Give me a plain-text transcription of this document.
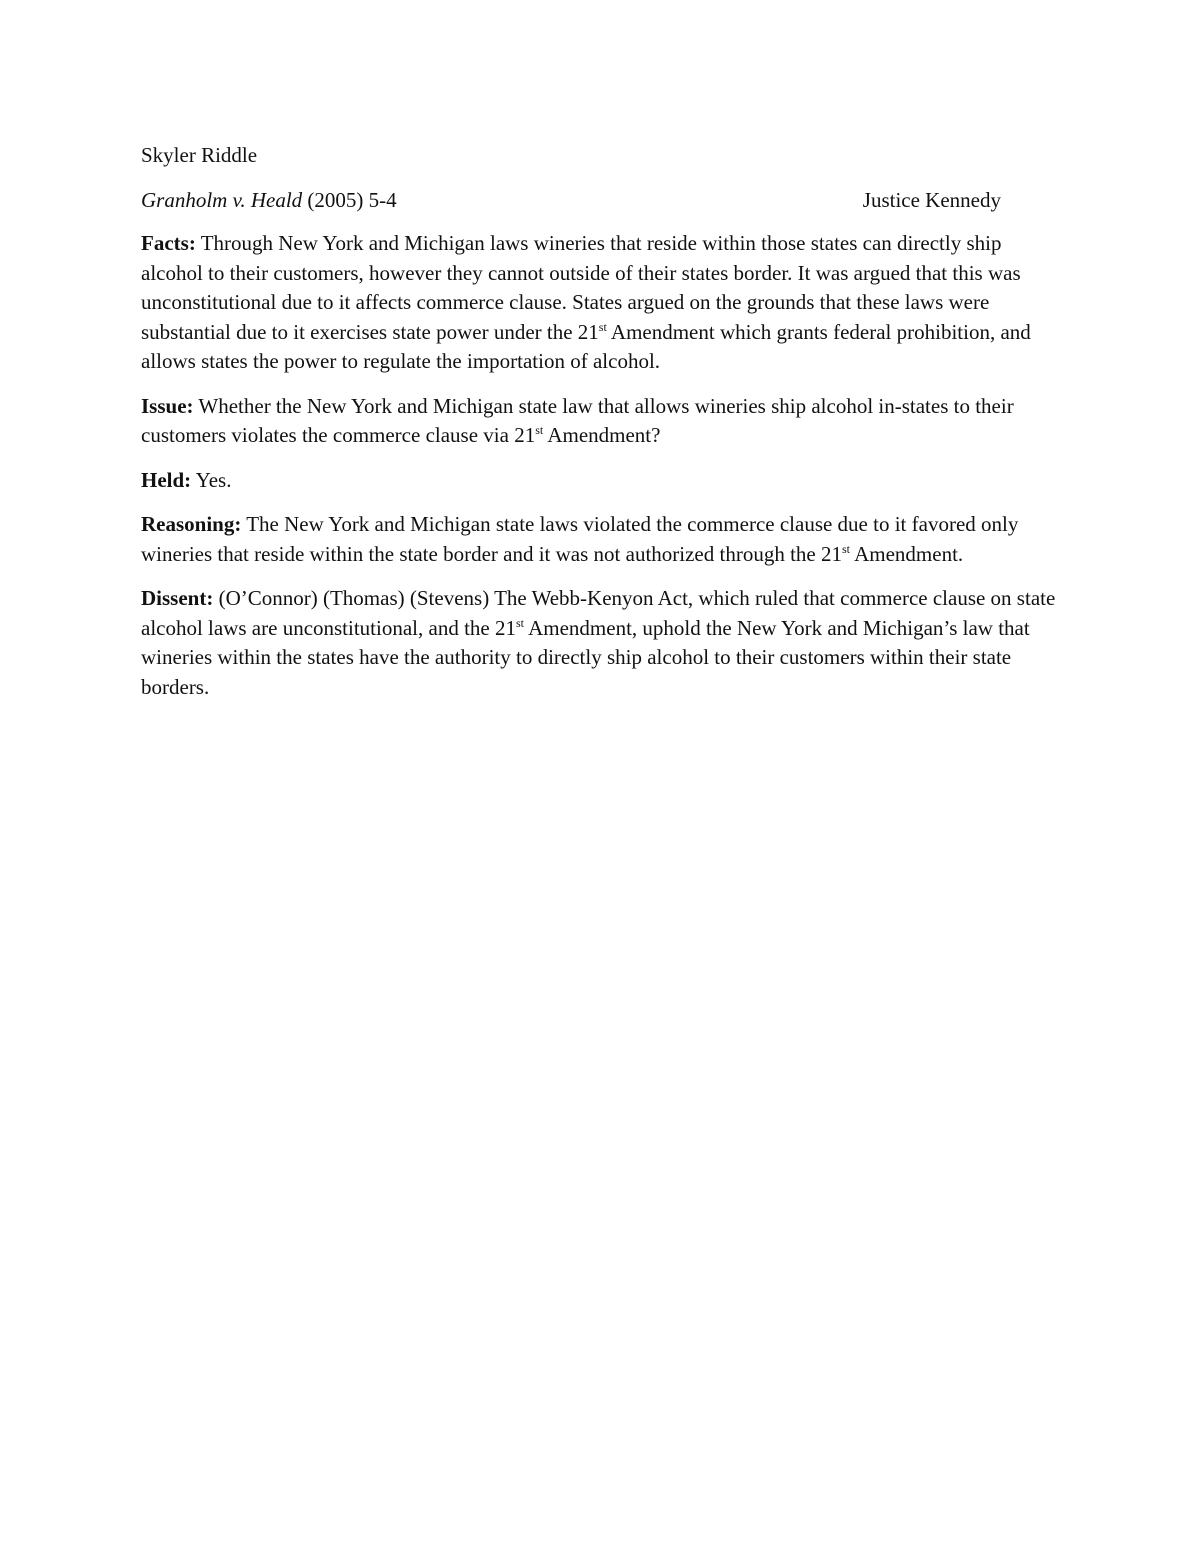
Skyler Riddle
Granholm v. Heald (2005) 5-4	Justice Kennedy

Facts: Through New York and Michigan laws wineries that reside within those states can directly ship alcohol to their customers, however they cannot outside of their states border. It was argued that this was unconstitutional due to it affects commerce clause. States argued on the grounds that these laws were substantial due to it exercises state power under the 21st Amendment which grants federal prohibition, and allows states the power to regulate the importation of alcohol.

Issue: Whether the New York and Michigan state law that allows wineries ship alcohol in-states to their customers violates the commerce clause via 21st Amendment?

Held: Yes.

Reasoning: The New York and Michigan state laws violated the commerce clause due to it favored only wineries that reside within the state border and it was not authorized through the 21st Amendment.

Dissent: (O’Connor) (Thomas) (Stevens) The Webb-Kenyon Act, which ruled that commerce clause on state alcohol laws are unconstitutional, and the 21st Amendment, uphold the New York and Michigan’s law that wineries within the states have the authority to directly ship alcohol to their customers within their state borders.
